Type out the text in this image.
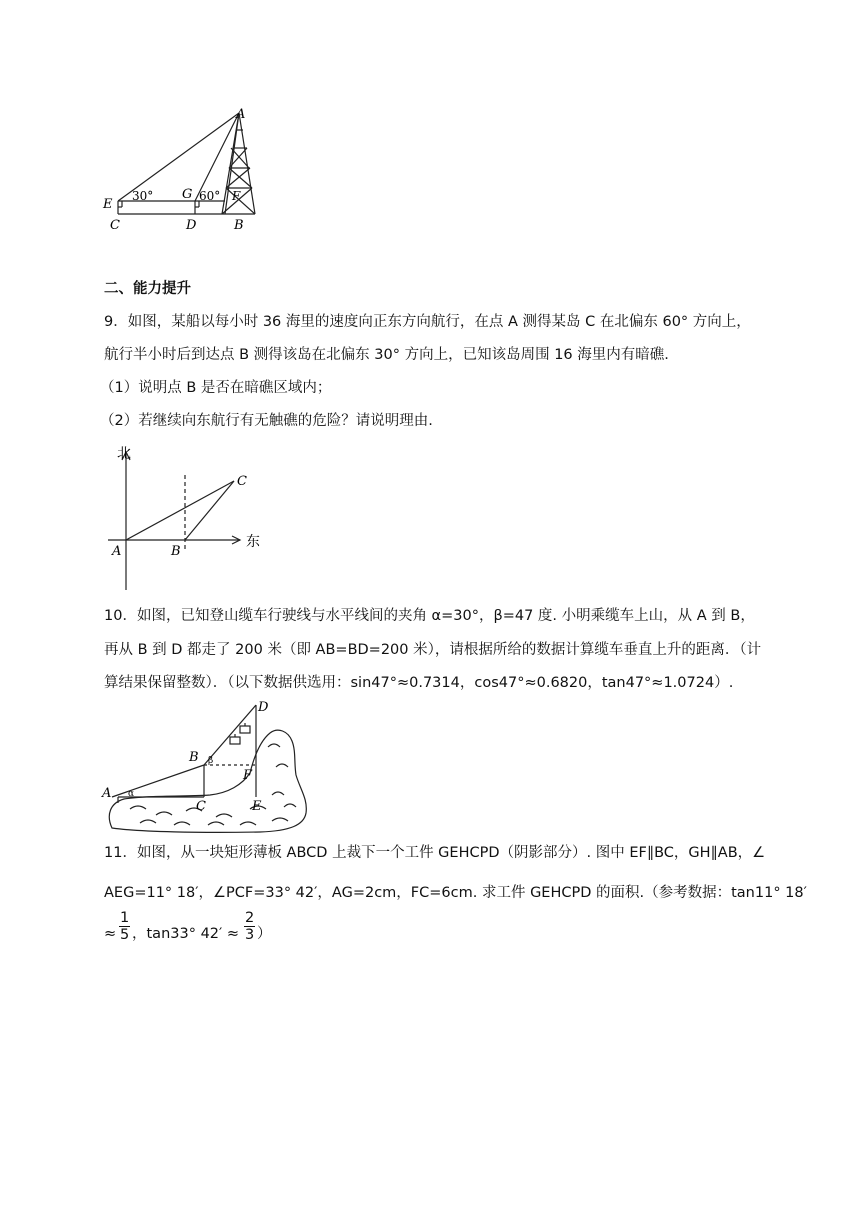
A
E
C
G
D	B
F
30°	60°
二、能力提升
9．如图，某船以每小时 36 海里的速度向正东方向航行，在点 A 测得某岛 C 在北偏东 60° 方向上，
航行半小时后到达点 B 测得该岛在北偏东 30° 方向上，已知该岛周围 16 海里内有暗礁.
（1）说明点 B 是否在暗礁区域内；
（2）若继续向东航行有无触礁的危险？请说明理由.
北
东
A	B
C
10．如图，已知登山缆车行驶线与水平线间的夹角 α=30°，β=47 度. 小明乘缆车上山，从 A 到 B，
再从 B 到 D 都走了 200 米（即 AB=BD=200 米），请根据所给的数据计算缆车垂直上升的距离．（计
算结果保留整数）．（以下数据供选用：sin47°≈0.7314，cos47°≈0.6820，tan47°≈1.0724）.
A
B
C
D
E
F
α
β
11．如图，从一块矩形薄板 ABCD 上裁下一个工件 GEHCPD（阴影部分）. 图中 EF∥BC，GH∥AB，∠
AEG=11° 18′，∠PCF=33° 42′，AG=2cm，FC=6cm. 求工件 GEHCPD 的面积.（参考数据：tan11° 18′
≈ $\frac{1}{5}$ ，tan33° $42' \approx \frac{2}{3}$ ）
